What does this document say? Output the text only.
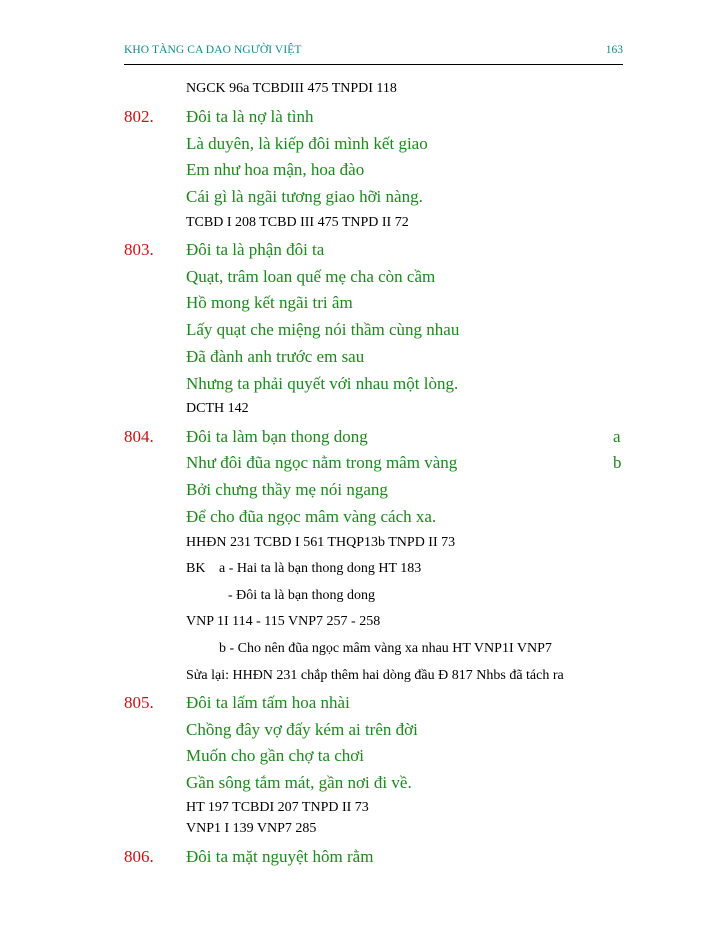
KHO TÀNG CA DAO NGƯỜI VIỆT	163
NGCK 96a TCBDIII 475 TNPDI 118
802. Đôi ta là nợ là tình
Là duyên, là kiếp đôi mình kết giao
Em như hoa mận, hoa đào
Cái gì là ngãi tương giao hỡi nàng.
TCBD I 208 TCBD III 475 TNPD II 72
803. Đôi ta là phận đôi ta
Quạt, trâm loan quế mẹ cha còn cầm
Hồ mong kết ngãi tri âm
Lấy quạt che miệng nói thầm cùng nhau
Đã đành anh trước em sau
Nhưng ta phải quyết với nhau một lòng.
DCTH 142
804. Đôi ta làm bạn thong dong	a
Như đôi đũa ngọc nằm trong mâm vàng	b
Bởi chưng thầy mẹ nói ngang
Để cho đũa ngọc mâm vàng cách xa.
HHĐN 231 TCBD I 561 THQP13b TNPD II 73
BK a - Hai ta là bạn thong dong HT 183
- Đôi ta là bạn thong dong
VNP 1I 114 - 115 VNP7 257 - 258
b - Cho nên đũa ngọc mâm vàng xa nhau HT VNP1I VNP7
Sửa lại: HHĐN 231 chắp thêm hai dòng đầu Đ 817 Nhbs đã tách ra
805. Đôi ta lấm tấm hoa nhài
Chồng đây vợ đấy kém ai trên đời
Muốn cho gần chợ ta chơi
Gần sông tắm mát, gần nơi đi về.
HT 197 TCBDI 207 TNPD II 73
VNP1 I 139 VNP7 285
806. Đôi ta mặt nguyệt hôm rằm
